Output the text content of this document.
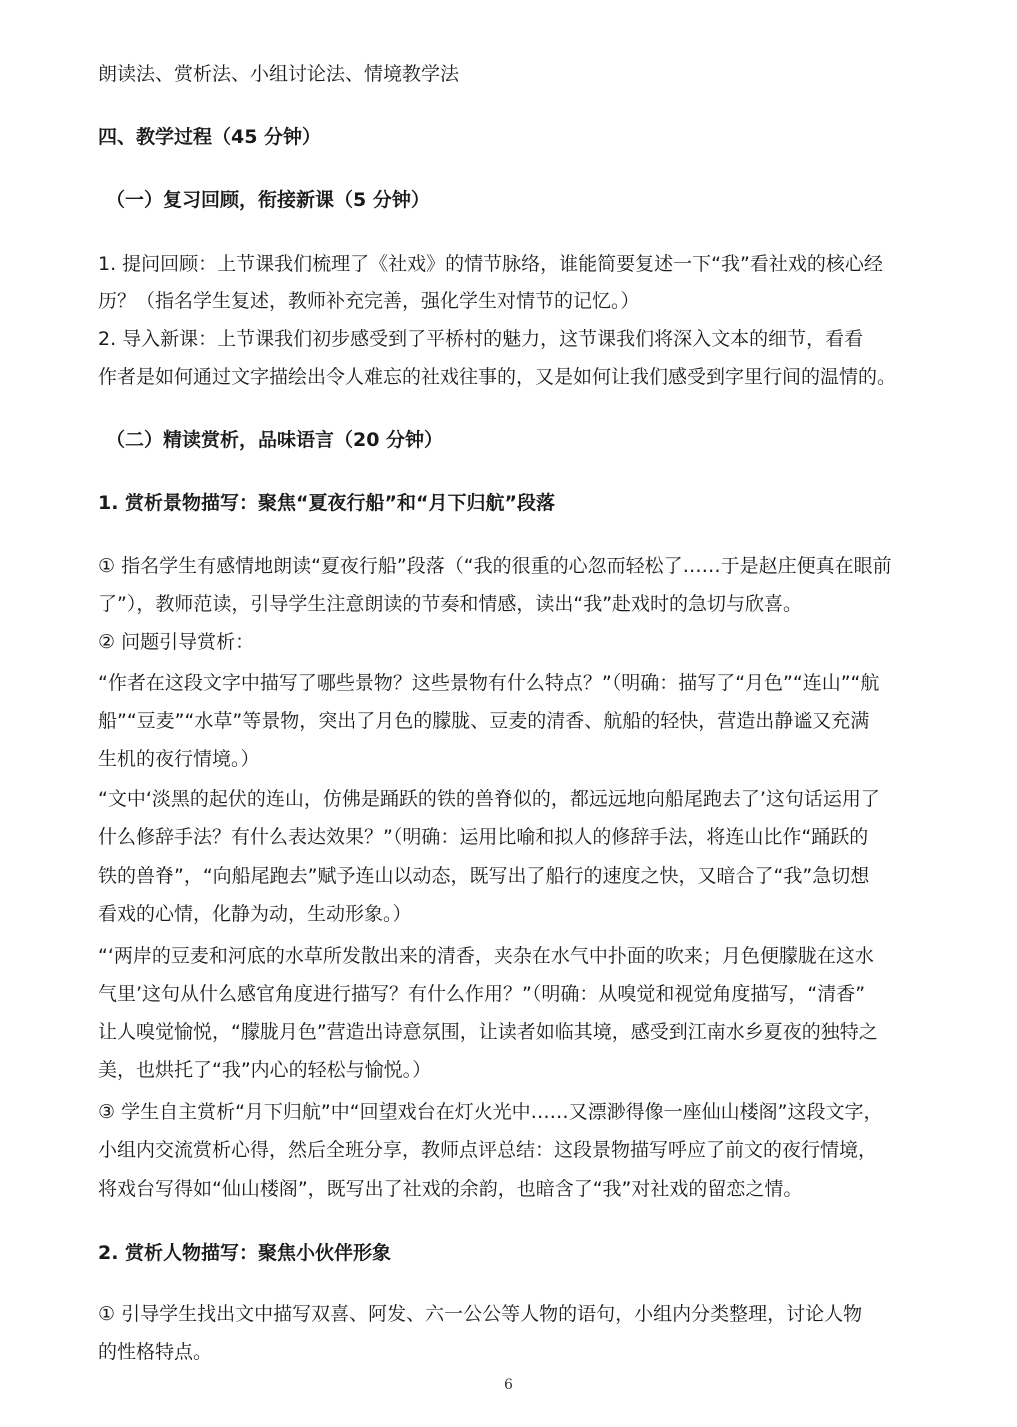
朗读法、赏析法、小组讨论法、情境教学法
四、教学过程（45 分钟）
（一）复习回顾，衔接新课（5 分钟）
1. 提问回顾：上节课我们梳理了《社戏》的情节脉络，谁能简要复述一下“我”看社戏的核心经
历？（指名学生复述，教师补充完善，强化学生对情节的记忆。）
2. 导入新课：上节课我们初步感受到了平桥村的魅力，这节课我们将深入文本的细节，看看
作者是如何通过文字描绘出令人难忘的社戏往事的，又是如何让我们感受到字里行间的温情的。
（二）精读赏析，品味语言（20 分钟）
1. 赏析景物描写：聚焦“夏夜行船”和“月下归航”段落
① 指名学生有感情地朗读“夏夜行船”段落（“我的很重的心忽而轻松了……于是赵庄便真在眼前
了”），教师范读，引导学生注意朗读的节奏和情感，读出“我”赴戏时的急切与欣喜。
② 问题引导赏析：
“作者在这段文字中描写了哪些景物？这些景物有什么特点？”（明确：描写了“月色”“连山”“航
船”“豆麦”“水草”等景物，突出了月色的朦胧、豆麦的清香、航船的轻快，营造出静谧又充满
生机的夜行情境。）
“文中‘淡黑的起伏的连山，仿佛是踊跃的铁的兽脊似的，都远远地向船尾跑去了’这句话运用了
什么修辞手法？有什么表达效果？”（明确：运用比喻和拟人的修辞手法，将连山比作“踊跃的
铁的兽脊”，“向船尾跑去”赋予连山以动态，既写出了船行的速度之快，又暗合了“我”急切想
看戏的心情，化静为动，生动形象。）
“‘两岸的豆麦和河底的水草所发散出来的清香，夹杂在水气中扑面的吹来；月色便朦胧在这水
气里’这句从什么感官角度进行描写？有什么作用？”（明确：从嗅觉和视觉角度描写，“清香”
让人嗅觉愉悦，“朦胧月色”营造出诗意氛围，让读者如临其境，感受到江南水乡夏夜的独特之
美，也烘托了“我”内心的轻松与愉悦。）
③ 学生自主赏析“月下归航”中“回望戏台在灯火光中……又漂渺得像一座仙山楼阁”这段文字，
小组内交流赏析心得，然后全班分享，教师点评总结：这段景物描写呼应了前文的夜行情境，
将戏台写得如“仙山楼阁”，既写出了社戏的余韵，也暗含了“我”对社戏的留恋之情。
2. 赏析人物描写：聚焦小伙伴形象
① 引导学生找出文中描写双喜、阿发、六一公公等人物的语句，小组内分类整理，讨论人物
的性格特点。
6
